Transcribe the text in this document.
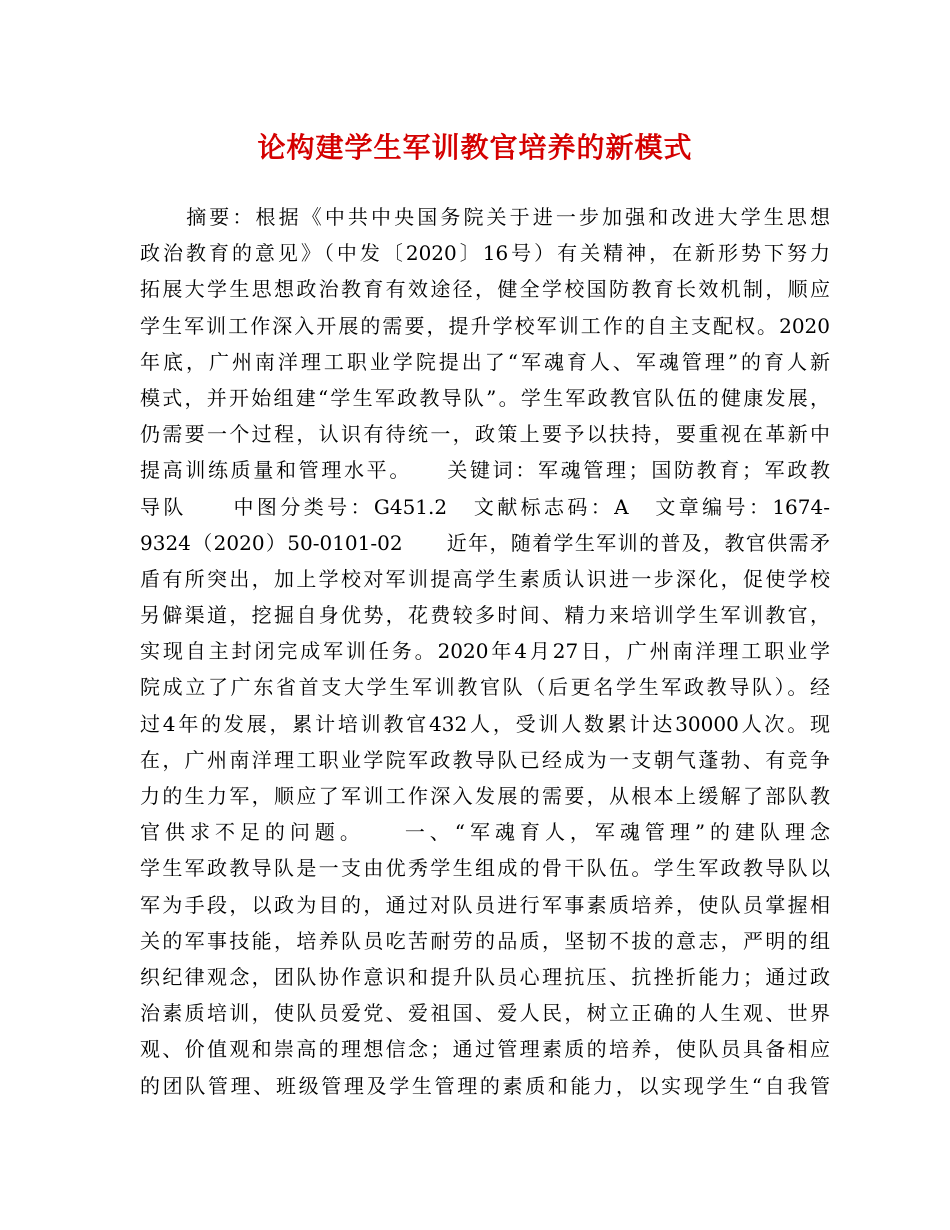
论构建学生军训教官培养的新模式
　　摘要：根据《中共中央国务院关于进一步加强和改进大学生思想
政治教育的意见》（中发〔2020〕16号）有关精神，在新形势下努力
拓展大学生思想政治教育有效途径，健全学校国防教育长效机制，顺应
学生军训工作深入开展的需要，提升学校军训工作的自主支配权。2020
年底，广州南洋理工职业学院提出了“军魂育人、军魂管理”的育人新
模式，并开始组建“学生军政教导队”。学生军政教官队伍的健康发展，
仍需要一个过程，认识有待统一，政策上要予以扶持，要重视在革新中
提高训练质量和管理水平。　　关键词：军魂管理；国防教育；军政教
导队　　中图分类号：G451.2　文献标志码：A　文章编号：1674-
9324（2020）50-0101-02　　近年，随着学生军训的普及，教官供需矛
盾有所突出，加上学校对军训提高学生素质认识进一步深化，促使学校
另僻渠道，挖掘自身优势，花费较多时间、精力来培训学生军训教官，
实现自主封闭完成军训任务。2020年4月27日，广州南洋理工职业学
院成立了广东省首支大学生军训教官队（后更名学生军政教导队）。经
过4年的发展，累计培训教官432人，受训人数累计达30000人次。现
在，广州南洋理工职业学院军政教导队已经成为一支朝气蓬勃、有竞争
力的生力军，顺应了军训工作深入发展的需要，从根本上缓解了部队教
官供求不足的问题。　　一、“军魂育人，军魂管理”的建队理念
学生军政教导队是一支由优秀学生组成的骨干队伍。学生军政教导队以
军为手段，以政为目的，通过对队员进行军事素质培养，使队员掌握相
关的军事技能，培养队员吃苦耐劳的品质，坚韧不拔的意志，严明的组
织纪律观念，团队协作意识和提升队员心理抗压、抗挫折能力；通过政
治素质培训，使队员爱党、爱祖国、爱人民，树立正确的人生观、世界
观、价值观和崇高的理想信念；通过管理素质的培养，使队员具备相应
的团队管理、班级管理及学生管理的素质和能力，以实现学生“自我管
